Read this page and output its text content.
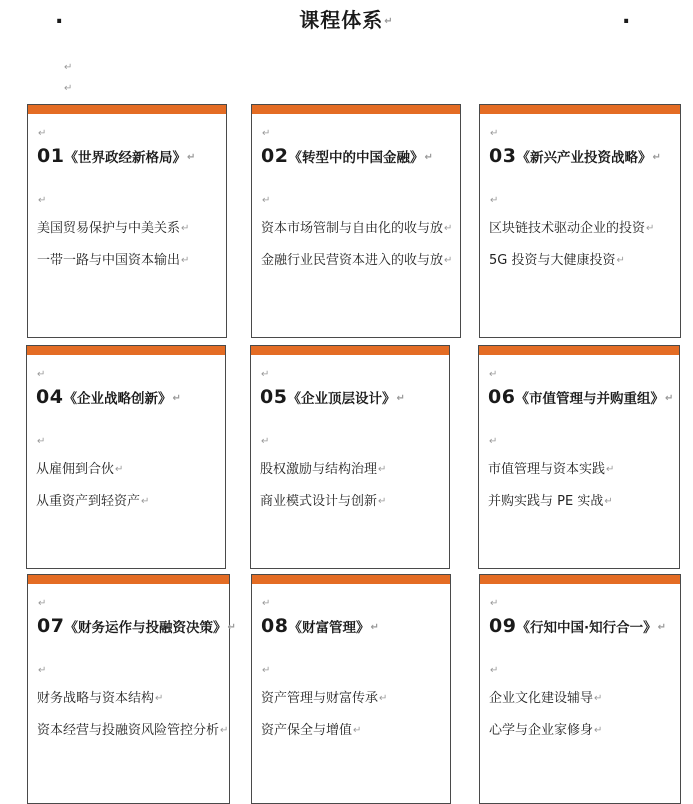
课程体系↵
.	.
↵
↵
↵
01《世界政经新格局》↵
↵
美国贸易保护与中美关系↵
一带一路与中国资本输出↵
↵
02《转型中的中国金融》↵
↵
资本市场管制与自由化的收与放↵
金融行业民营资本进入的收与放↵
↵
03《新兴产业投资战略》↵
↵
区块链技术驱动企业的投资↵
5G 投资与大健康投资↵
↵
04《企业战略创新》↵
↵
从雇佣到合伙↵
从重资产到轻资产↵
↵
05《企业顶层设计》↵
↵
股权激励与结构治理↵
商业模式设计与创新↵
↵
06《市值管理与并购重组》↵
↵
市值管理与资本实践↵
并购实践与 PE 实战↵
↵
07《财务运作与投融资决策》↵
↵
财务战略与资本结构↵
资本经营与投融资风险管控分析↵
↵
08《财富管理》↵
↵
资产管理与财富传承↵
资产保全与增值↵
↵
09《行知中国·知行合一》↵
↵
企业文化建设辅导↵
心学与企业家修身↵
